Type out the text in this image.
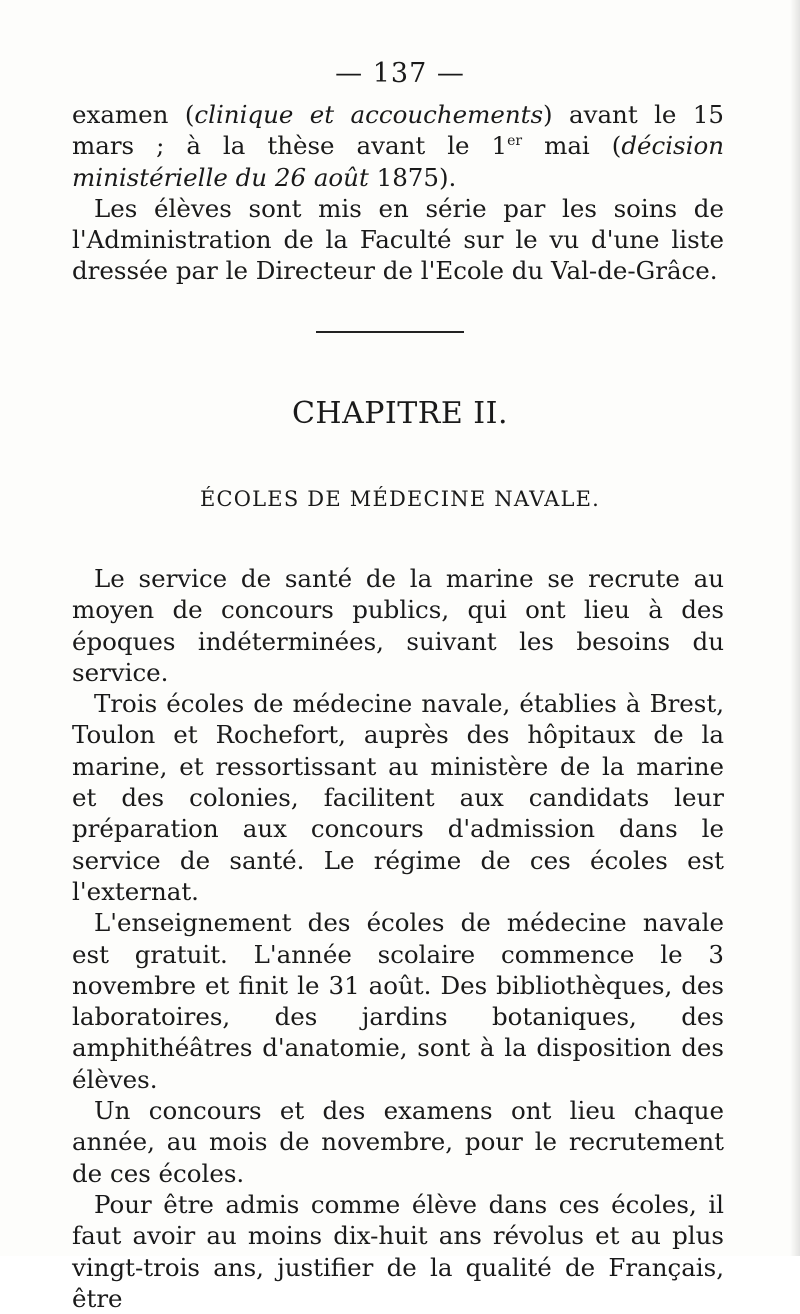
— 137 —

examen (clinique et accouchements) avant le 15 mars ; à la thèse avant le 1er mai (décision ministérielle du 26 août 1875).

Les élèves sont mis en série par les soins de l'Administration de la Faculté sur le vu d'une liste dressée par le Directeur de l'Ecole du Val-de-Grâce.

CHAPITRE II.
ÉCOLES DE MÉDECINE NAVALE.

Le service de santé de la marine se recrute au moyen de concours publics, qui ont lieu à des époques indéterminées, suivant les besoins du service.

Trois écoles de médecine navale, établies à Brest, Toulon et Rochefort, auprès des hôpitaux de la marine, et ressortissant au ministère de la marine et des colonies, facilitent aux candidats leur préparation aux concours d'admission dans le service de santé. Le régime de ces écoles est l'externat.

L'enseignement des écoles de médecine navale est gratuit. L'année scolaire commence le 3 novembre et finit le 31 août. Des bibliothèques, des laboratoires, des jardins botaniques, des amphithéâtres d'anatomie, sont à la disposition des élèves.

Un concours et des examens ont lieu chaque année, au mois de novembre, pour le recrutement de ces écoles.

Pour être admis comme élève dans ces écoles, il faut avoir au moins dix-huit ans révolus et au plus vingt-trois ans, justifier de la qualité de Français, être
